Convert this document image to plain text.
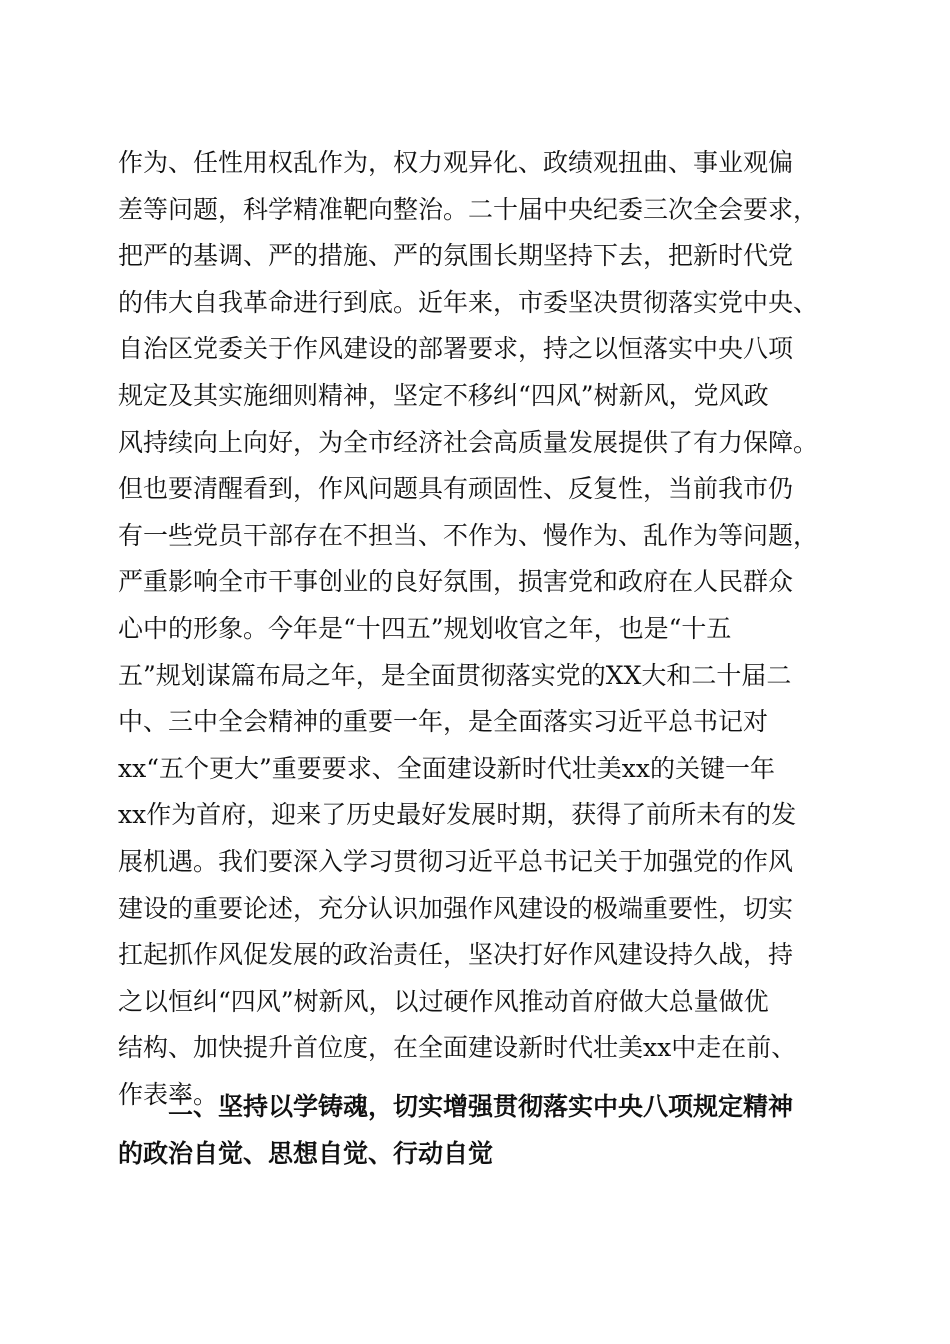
作为、任性用权乱作为，权力观异化、政绩观扭曲、事业观偏
差等问题，科学精准靶向整治。二十届中央纪委三次全会要求，
把严的基调、严的措施、严的氛围长期坚持下去，把新时代党
的伟大自我革命进行到底。近年来，市委坚决贯彻落实党中央、
自治区党委关于作风建设的部署要求，持之以恒落实中央八项
规定及其实施细则精神，坚定不移纠“四风”树新风，党风政
风持续向上向好，为全市经济社会高质量发展提供了有力保障。
但也要清醒看到，作风问题具有顽固性、反复性，当前我市仍
有一些党员干部存在不担当、不作为、慢作为、乱作为等问题，
严重影响全市干事创业的良好氛围，损害党和政府在人民群众
心中的形象。今年是“十四五”规划收官之年，也是“十五
五”规划谋篇布局之年，是全面贯彻落实党的XX大和二十届二
中、三中全会精神的重要一年，是全面落实习近平总书记对
xx“五个更大”重要要求、全面建设新时代壮美xx的关键一年
xx作为首府，迎来了历史最好发展时期，获得了前所未有的发
展机遇。我们要深入学习贯彻习近平总书记关于加强党的作风
建设的重要论述，充分认识加强作风建设的极端重要性，切实
扛起抓作风促发展的政治责任，坚决打好作风建设持久战，持
之以恒纠“四风”树新风，以过硬作风推动首府做大总量做优
结构、加快提升首位度，在全面建设新时代壮美xx中走在前、
作表率。
二、坚持以学铸魂，切实增强贯彻落实中央八项规定精神
的政治自觉、思想自觉、行动自觉
